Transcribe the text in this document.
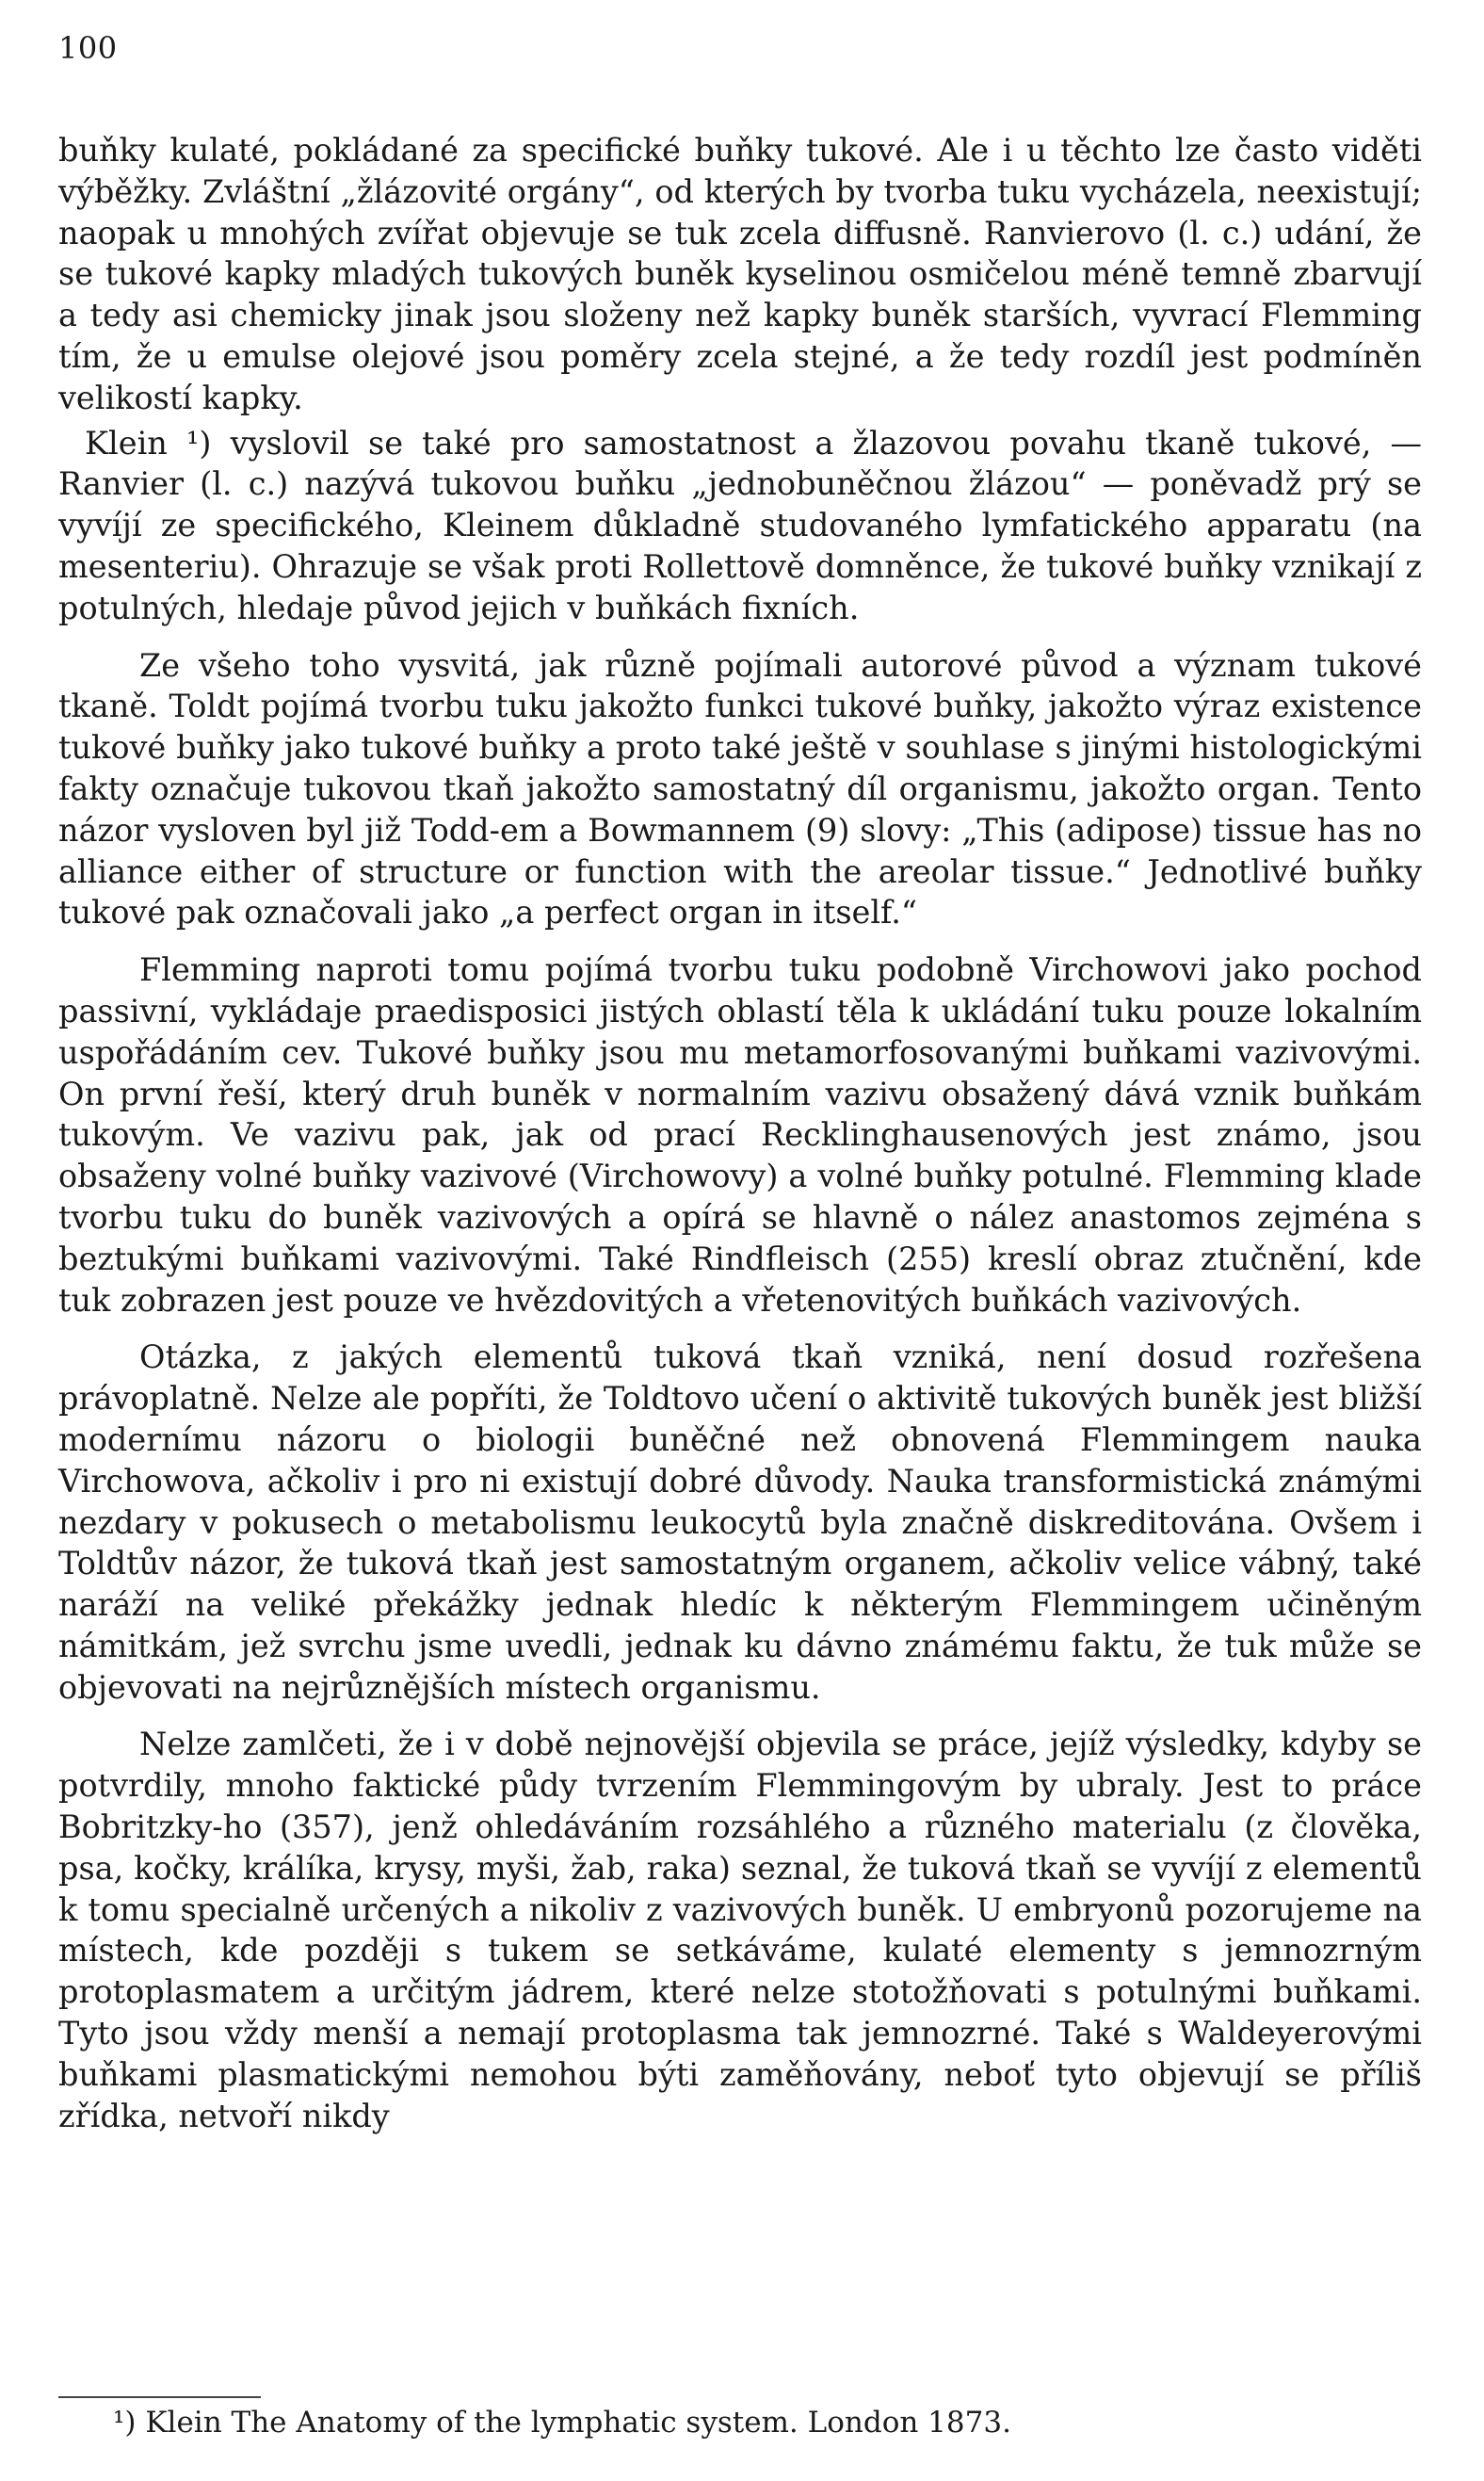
100

buňky kulaté, pokládané za specifické buňky tukové. Ale i u těchto lze často viděti výběžky. Zvláštní „žlázovité orgány“, od kterých by tvorba tuku vycházela, neexistují; naopak u mnohých zvířat objevuje se tuk zcela diffusně. Ranvierovo (l. c.) udání, že se tukové kapky mladých tukových buněk kyselinou osmičelou méně temně zbarvují a tedy asi chemicky jinak jsou složeny než kapky buněk starších, vyvrací Flemming tím, že u emulse olejové jsou poměry zcela stejné, a že tedy rozdíl jest podmíněn velikostí kapky.

Klein ¹) vyslovil se také pro samostatnost a žlazovou povahu tkaně tukové, — Ranvier (l. c.) nazývá tukovou buňku „jednobuněčnou žlázou“ — poněvadž prý se vyvíjí ze specifického, Kleinem důkladně studovaného lymfatického apparatu (na mesenteriu). Ohrazuje se však proti Rollettově domněnce, že tukové buňky vznikají z potulných, hledaje původ jejich v buňkách fixních.

Ze všeho toho vysvitá, jak různě pojímali autorové původ a význam tukové tkaně. Toldt pojímá tvorbu tuku jakožto funkci tukové buňky, jakožto výraz existence tukové buňky jako tukové buňky a proto také ještě v souhlase s jinými histologickými fakty označuje tukovou tkaň jakožto samostatný díl organismu, jakožto organ. Tento názor vysloven byl již Todd-em a Bowmannem (9) slovy: „This (adipose) tissue has no alliance either of structure or function with the areolar tissue.“ Jednotlivé buňky tukové pak označovali jako „a perfect organ in itself.“

Flemming naproti tomu pojímá tvorbu tuku podobně Virchowovi jako pochod passivní, vykládaje praedisposici jistých oblastí těla k ukládání tuku pouze lokalním uspořádáním cev. Tukové buňky jsou mu metamorfosovanými buňkami vazivovými. On první řeší, který druh buněk v normalním vazivu obsažený dává vznik buňkám tukovým. Ve vazivu pak, jak od prací Recklinghausenových jest známo, jsou obsaženy volné buňky vazivové (Virchowovy) a volné buňky potulné. Flemming klade tvorbu tuku do buněk vazivových a opírá se hlavně o nález anastomos zejména s beztukými buňkami vazivovými. Také Rindfleisch (255) kreslí obraz ztučnění, kde tuk zobrazen jest pouze ve hvězdovitých a vřetenovitých buňkách vazivových.

Otázka, z jakých elementů tuková tkaň vzniká, není dosud rozřešena právoplatně. Nelze ale popříti, že Toldtovo učení o aktivitě tukových buněk jest bližší modernímu názoru o biologii buněčné než obnovená Flemmingem nauka Virchowova, ačkoliv i pro ni existují dobré důvody. Nauka transformistická známými nezdary v pokusech o metabolismu leukocytů byla značně diskreditována. Ovšem i Toldtův názor, že tuková tkaň jest samostatným organem, ačkoliv velice vábný, také naráží na veliké překážky jednak hledíc k některým Flemmingem učiněným námitkám, jež svrchu jsme uvedli, jednak ku dávno známému faktu, že tuk může se objevovati na nejrůznějších místech organismu.

Nelze zamlčeti, že i v době nejnovější objevila se práce, jejíž výsledky, kdyby se potvrdily, mnoho faktické půdy tvrzením Flemmingovým by ubraly. Jest to práce Bobritzky-ho (357), jenž ohledáváním rozsáhlého a různého materialu (z člověka, psa, kočky, králíka, krysy, myši, žab, raka) seznal, že tuková tkaň se vyvíjí z elementů k tomu specialně určených a nikoliv z vazivových buněk. U embryonů pozorujeme na místech, kde později s tukem se setkáváme, kulaté elementy s jemnozrným protoplasmatem a určitým jádrem, které nelze stotožňovati s potulnými buňkami. Tyto jsou vždy menší a nemají protoplasma tak jemnozrné. Také s Waldeyerovými buňkami plasmatickými nemohou býti zaměňovány, neboť tyto objevují se příliš zřídka, netvoří nikdy

¹) Klein The Anatomy of the lymphatic system. London 1873.
